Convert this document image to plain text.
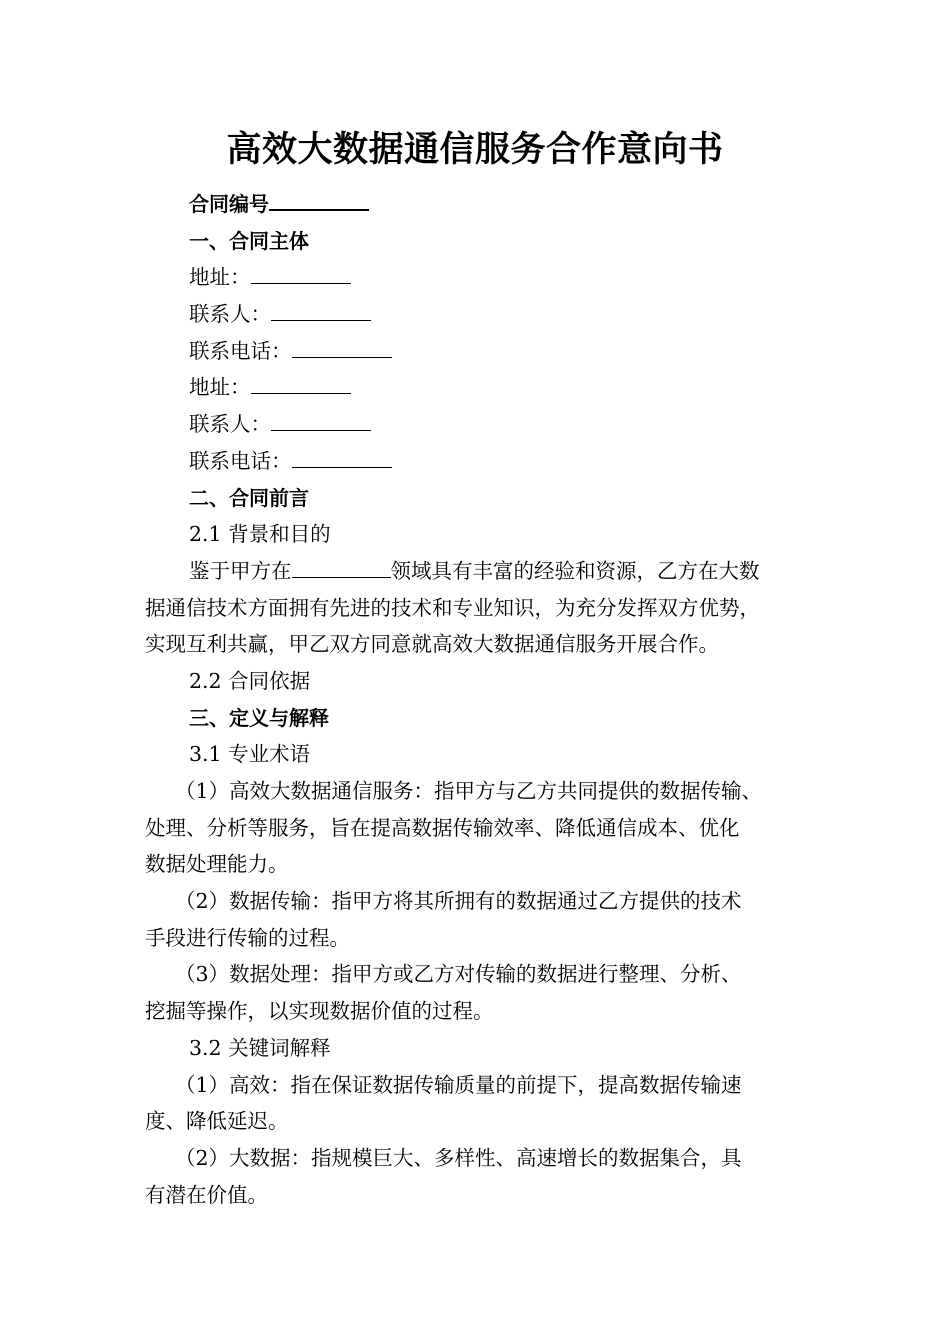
高效大数据通信服务合作意向书
合同编号
一、合同主体
地址：
联系人：
联系电话：
地址：
联系人：
联系电话：
二、合同前言
2.1 背景和目的
鉴于甲方在	领域具有丰富的经验和资源，乙方在大数
据通信技术方面拥有先进的技术和专业知识，为充分发挥双方优势，
实现互利共赢，甲乙双方同意就高效大数据通信服务开展合作。
2.2 合同依据
三、定义与解释
3.1 专业术语
（1）高效大数据通信服务：指甲方与乙方共同提供的数据传输、
处理、分析等服务，旨在提高数据传输效率、降低通信成本、优化
数据处理能力。
（2）数据传输：指甲方将其所拥有的数据通过乙方提供的技术
手段进行传输的过程。
（3）数据处理：指甲方或乙方对传输的数据进行整理、分析、
挖掘等操作，以实现数据价值的过程。
3.2 关键词解释
（1）高效：指在保证数据传输质量的前提下，提高数据传输速
度、降低延迟。
（2）大数据：指规模巨大、多样性、高速增长的数据集合，具
有潜在价值。
